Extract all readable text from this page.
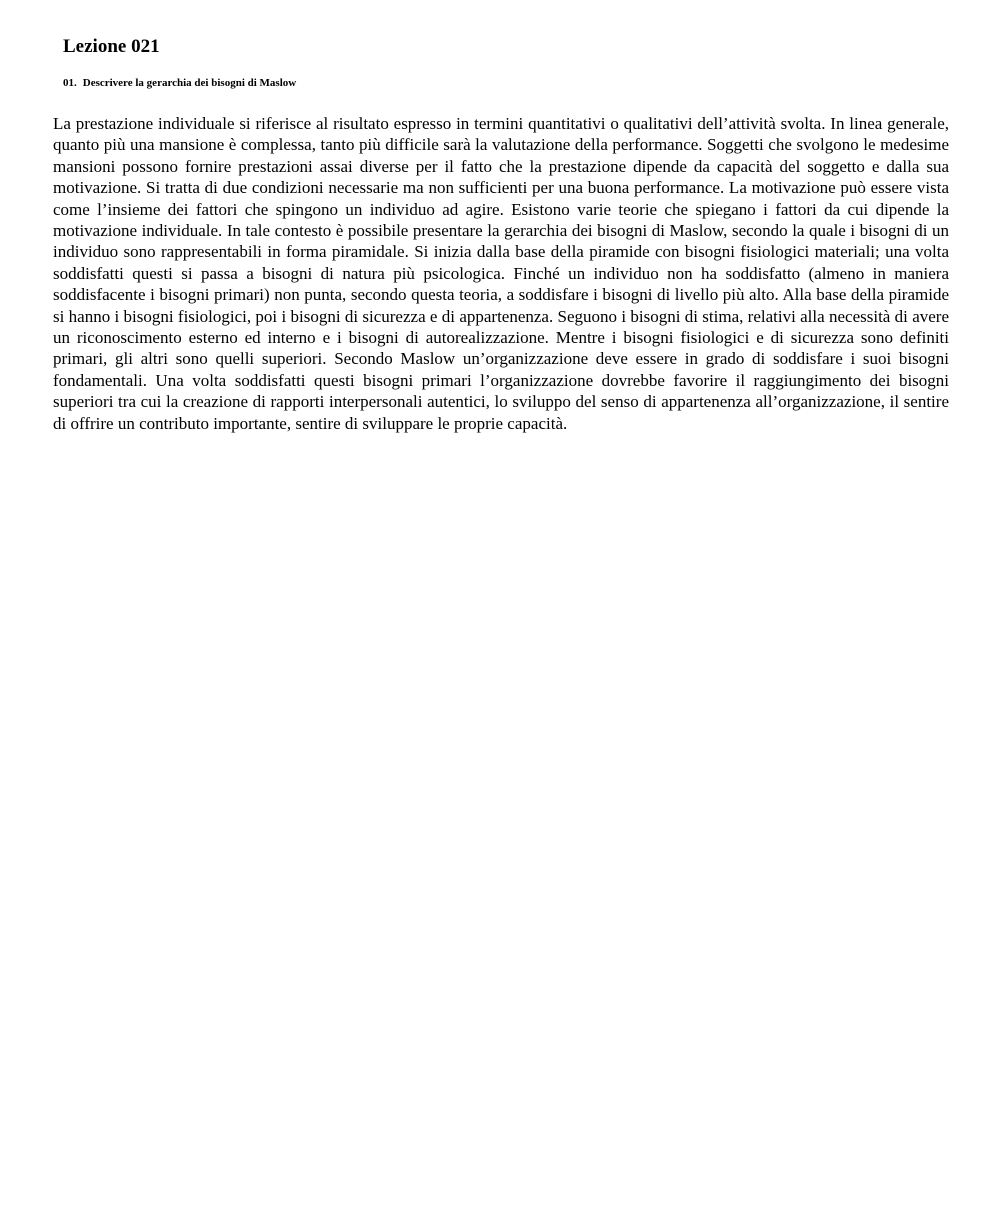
Lezione 021

01. Descrivere la gerarchia dei bisogni di Maslow

La prestazione individuale si riferisce al risultato espresso in termini quantitativi o qualitativi dell’attività svolta. In linea generale, quanto più una mansione è complessa, tanto più difficile sarà la valutazione della performance. Soggetti che svolgono le medesime mansioni possono fornire prestazioni assai diverse per il fatto che la prestazione dipende da capacità del soggetto e dalla sua motivazione. Si tratta di due condizioni necessarie ma non sufficienti per una buona performance. La motivazione può essere vista come l’insieme dei fattori che spingono un individuo ad agire. Esistono varie teorie che spiegano i fattori da cui dipende la motivazione individuale. In tale contesto è possibile presentare la gerarchia dei bisogni di Maslow, secondo la quale i bisogni di un individuo sono rappresentabili in forma piramidale. Si inizia dalla base della piramide con bisogni fisiologici materiali; una volta soddisfatti questi si passa a bisogni di natura più psicologica. Finché un individuo non ha soddisfatto (almeno in maniera soddisfacente i bisogni primari) non punta, secondo questa teoria, a soddisfare i bisogni di livello più alto. Alla base della piramide si hanno i bisogni fisiologici, poi i bisogni di sicurezza e di appartenenza. Seguono i bisogni di stima, relativi alla necessità di avere un riconoscimento esterno ed interno e i bisogni di autorealizzazione. Mentre i bisogni fisiologici e di sicurezza sono definiti primari, gli altri sono quelli superiori. Secondo Maslow un’organizzazione deve essere in grado di soddisfare i suoi bisogni fondamentali. Una volta soddisfatti questi bisogni primari l’organizzazione dovrebbe favorire il raggiungimento dei bisogni superiori tra cui la creazione di rapporti interpersonali autentici, lo sviluppo del senso di appartenenza all’organizzazione, il sentire di offrire un contributo importante, sentire di sviluppare le proprie capacità.
